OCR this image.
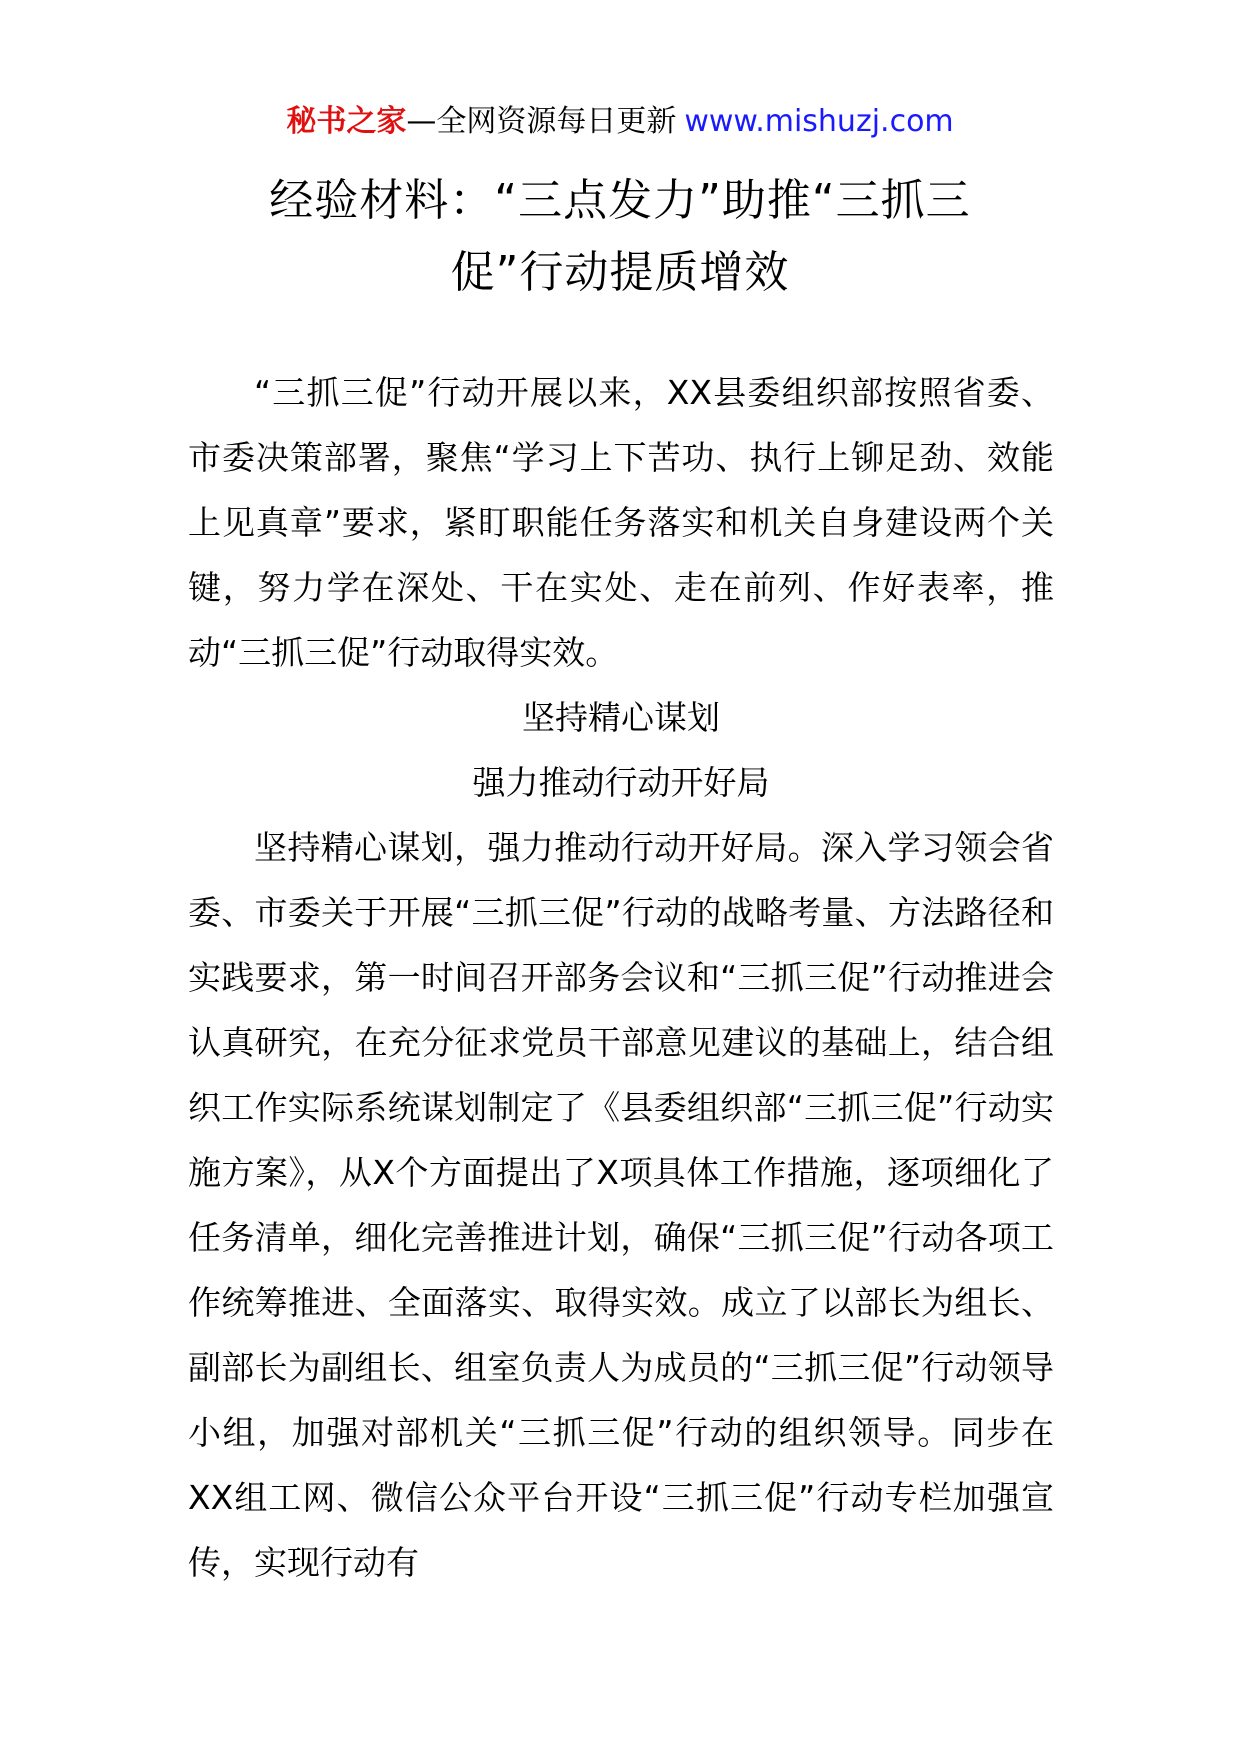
秘书之家—全网资源每日更新 www.mishuzj.com
经验材料：“三点发力”助推“三抓三
促”行动提质增效

“三抓三促”行动开展以来，XX县委组织部按照省委、市委决策部署，聚焦“学习上下苦功、执行上铆足劲、效能上见真章”要求，紧盯职能任务落实和机关自身建设两个关键，努力学在深处、干在实处、走在前列、作好表率，推动“三抓三促”行动取得实效。

坚持精心谋划

强力推动行动开好局

坚持精心谋划，强力推动行动开好局。深入学习领会省委、市委关于开展“三抓三促”行动的战略考量、方法路径和实践要求，第一时间召开部务会议和“三抓三促”行动推进会认真研究，在充分征求党员干部意见建议的基础上，结合组织工作实际系统谋划制定了《县委组织部“三抓三促”行动实施方案》，从X个方面提出了X项具体工作措施，逐项细化了任务清单，细化完善推进计划，确保“三抓三促”行动各项工作统筹推进、全面落实、取得实效。成立了以部长为组长、副部长为副组长、组室负责人为成员的“三抓三促”行动领导小组，加强对部机关“三抓三促”行动的组织领导。同步在XX组工网、微信公众平台开设“三抓三促”行动专栏加强宣传，实现行动有
